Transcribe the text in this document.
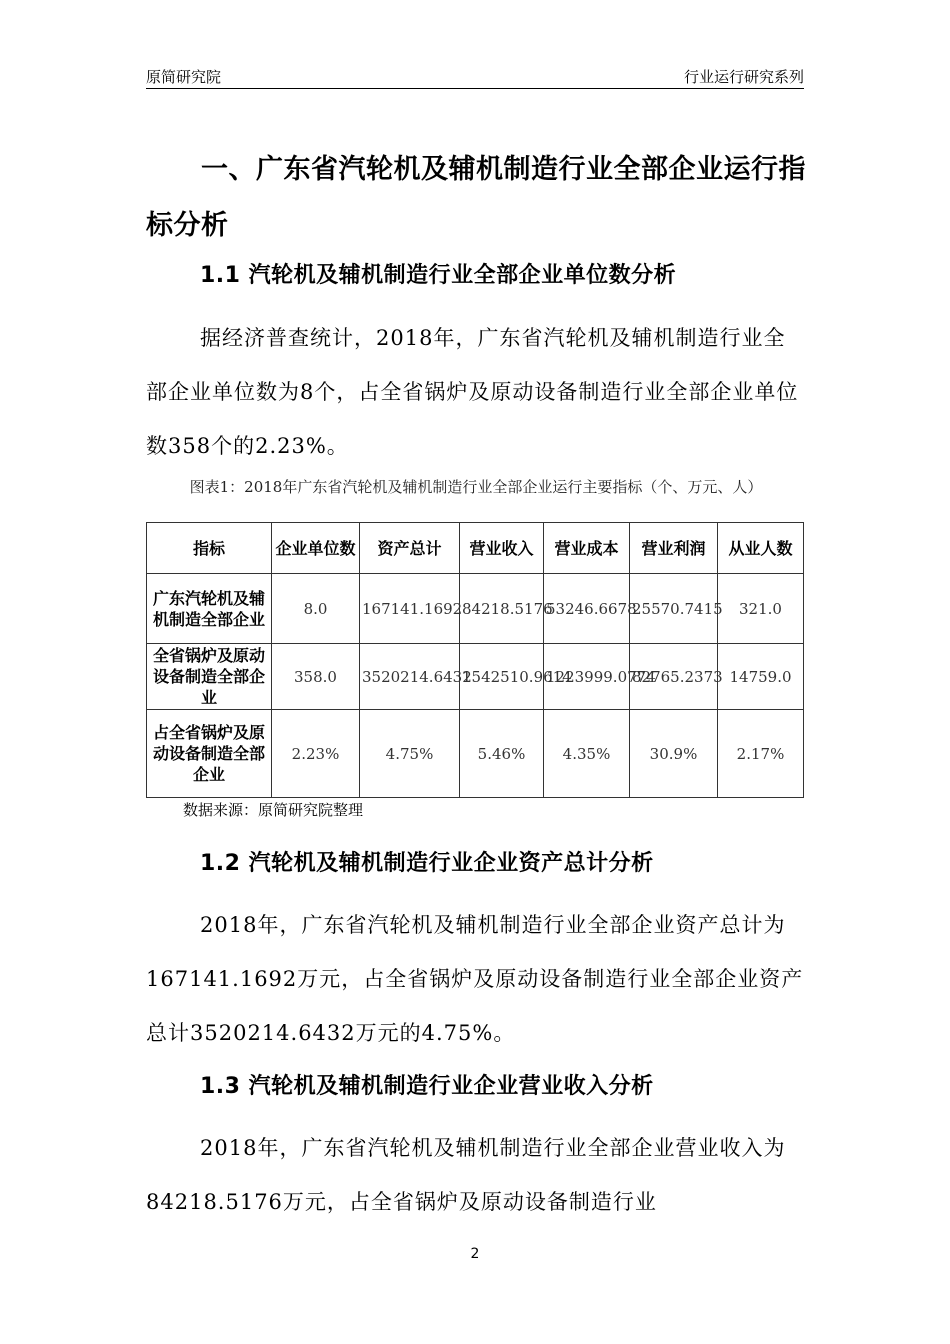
原简研究院	行业运行研究系列
一、广东省汽轮机及辅机制造行业全部企业运行指标分析
1.1 汽轮机及辅机制造行业全部企业单位数分析
据经济普查统计，2018年，广东省汽轮机及辅机制造行业全部企业单位数为8个，占全省锅炉及原动设备制造行业全部企业单位数358个的2.23%。
图表1：2018年广东省汽轮机及辅机制造行业全部企业运行主要指标（个、万元、人）
指标	企业单位数	资产总计	营业收入	营业成本	营业利润	从业人数
广东汽轮机及辅机制造全部企业	8.0	167141.1692	84218.5176	53246.6678	25570.7415	321.0
全省锅炉及原动设备制造全部企业	358.0	3520214.6432	1542510.9614	1223999.0774	82765.2373	14759.0
占全省锅炉及原动设备制造全部企业	2.23%	4.75%	5.46%	4.35%	30.9%	2.17%
数据来源：原简研究院整理
1.2 汽轮机及辅机制造行业企业资产总计分析
2018年，广东省汽轮机及辅机制造行业全部企业资产总计为167141.1692万元，占全省锅炉及原动设备制造行业全部企业资产总计3520214.6432万元的4.75%。
1.3 汽轮机及辅机制造行业企业营业收入分析
2018年，广东省汽轮机及辅机制造行业全部企业营业收入为84218.5176万元，占全省锅炉及原动设备制造行业
2
